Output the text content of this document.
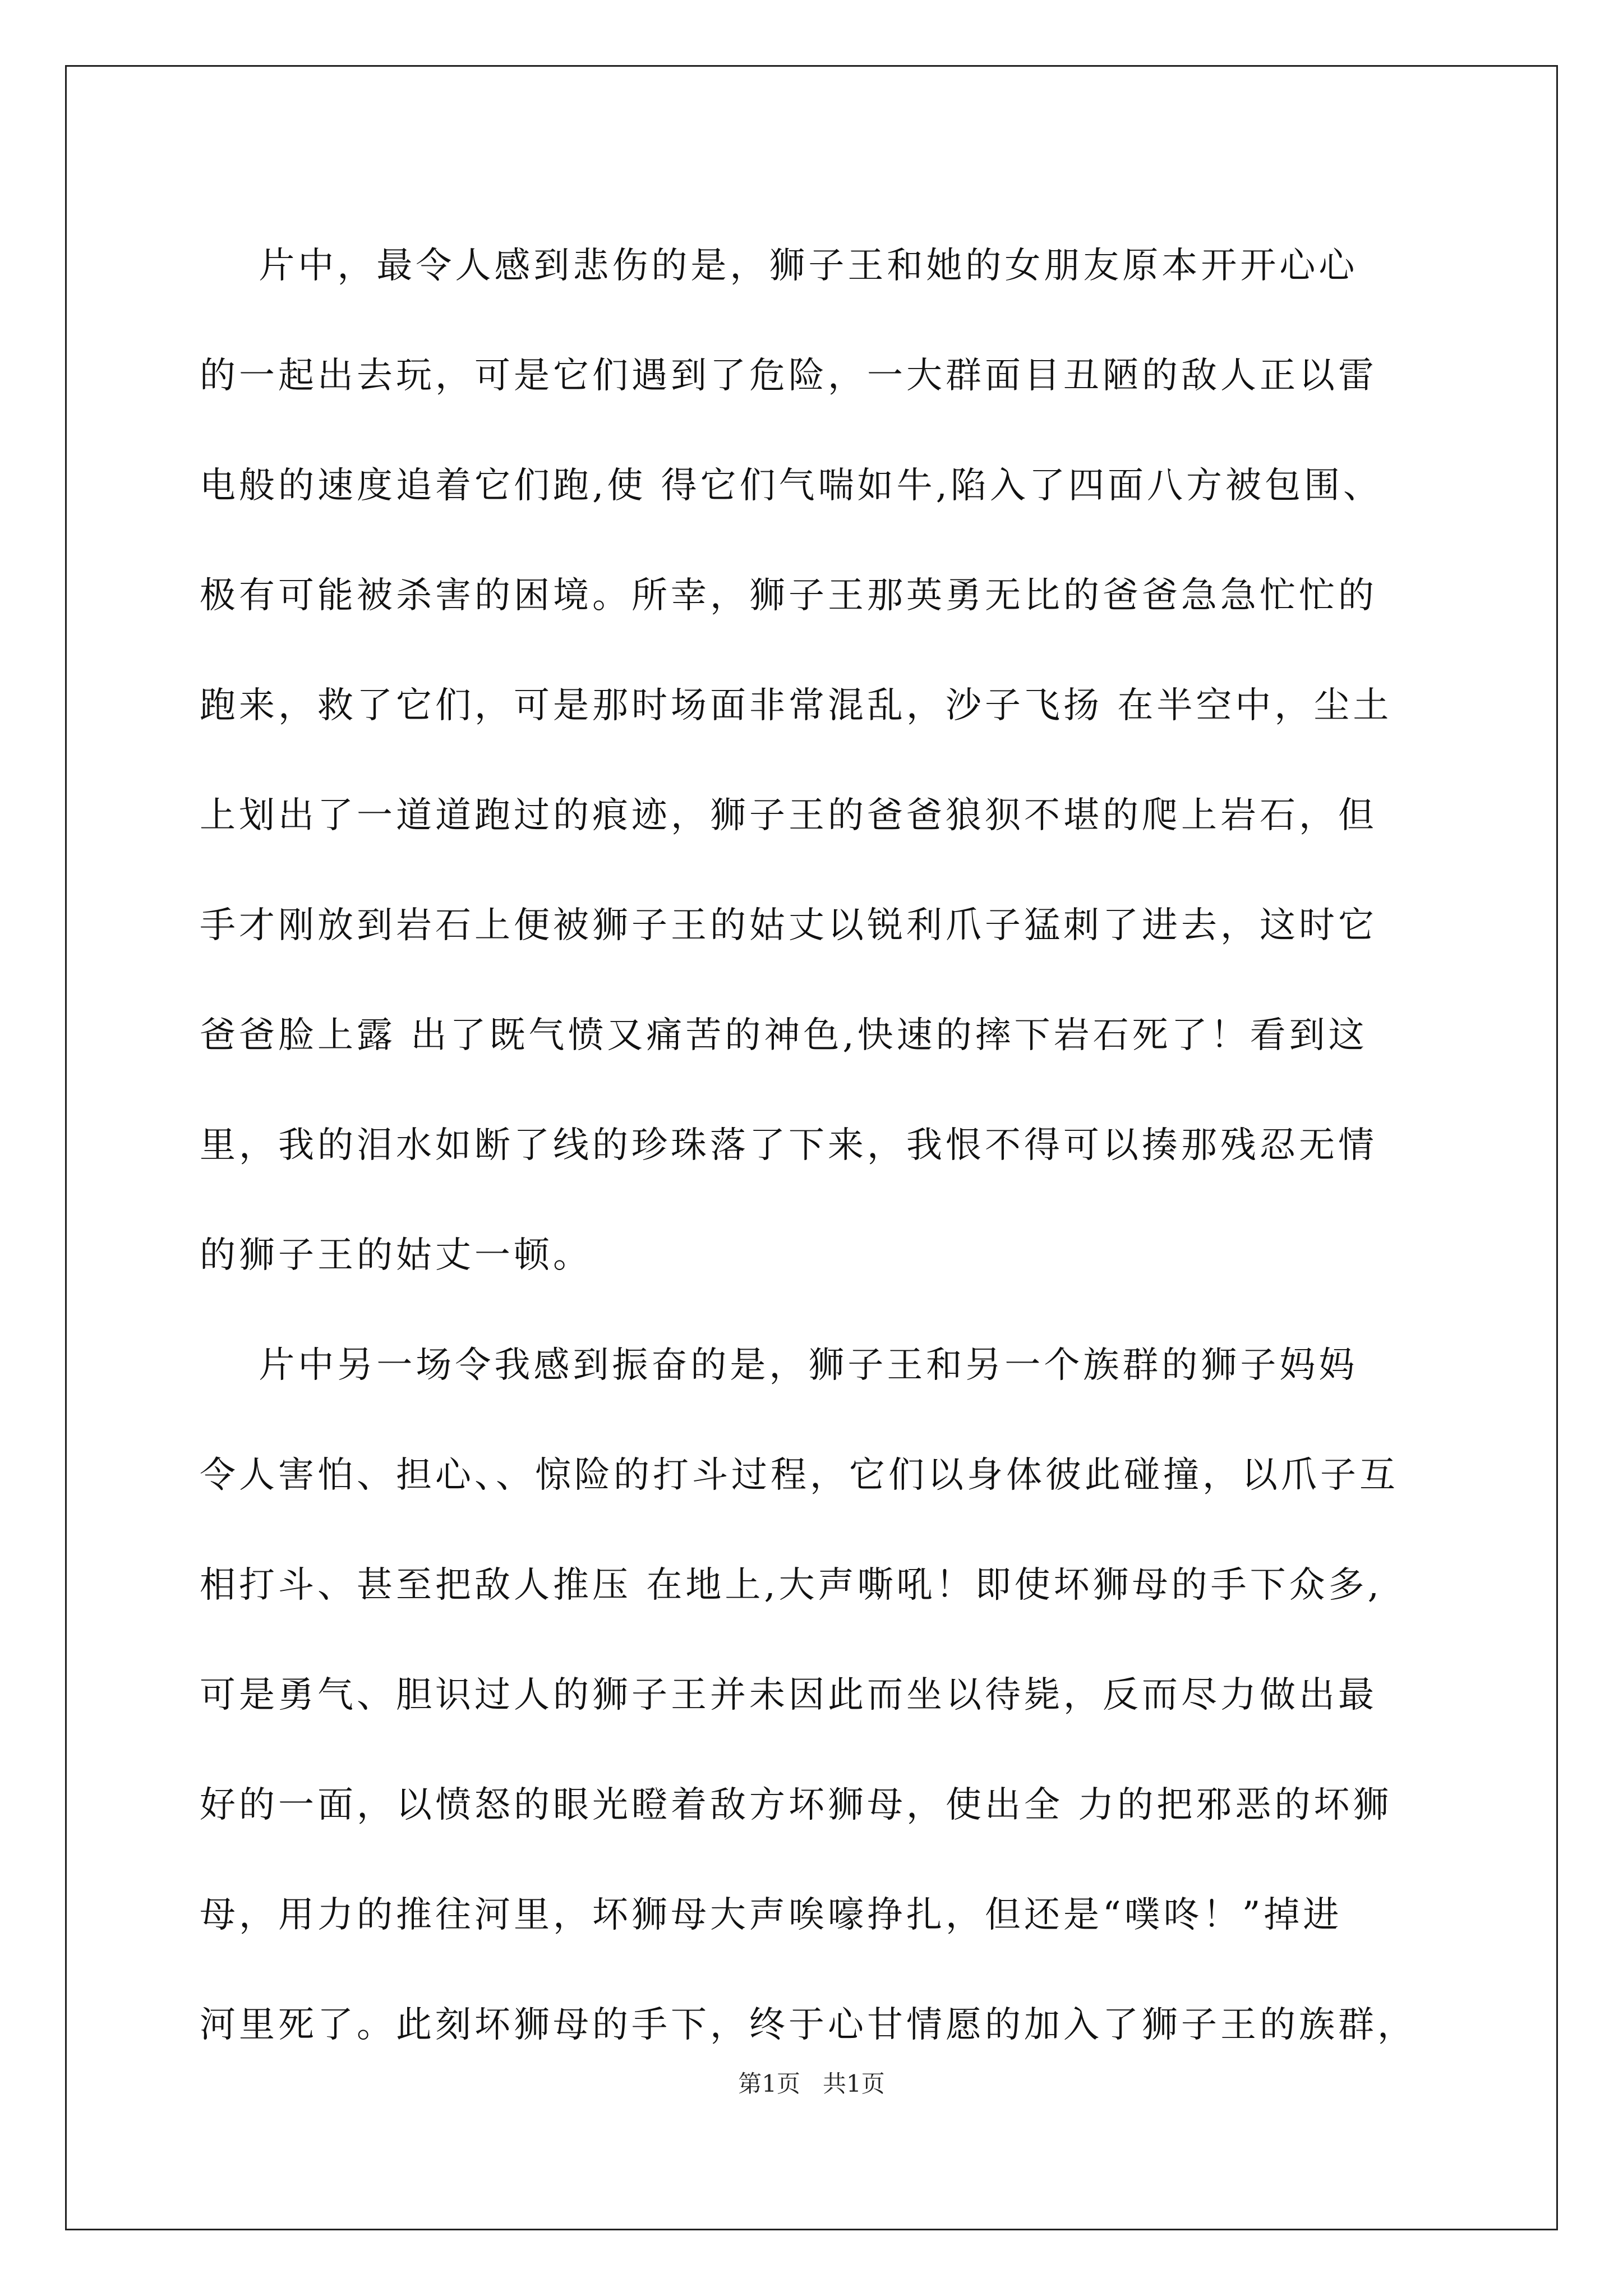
片中，最令人感到悲伤的是，狮子王和她的女朋友原本开开心心
的一起出去玩，可是它们遇到了危险，一大群面目丑陋的敌人正以雷
电般的速度追着它们跑,使 得它们气喘如牛,陷入了四面八方被包围、
极有可能被杀害的困境。所幸，狮子王那英勇无比的爸爸急急忙忙的
跑来，救了它们，可是那时场面非常混乱，沙子飞扬 在半空中，尘土
上划出了一道道跑过的痕迹，狮子王的爸爸狼狈不堪的爬上岩石，但
手才刚放到岩石上便被狮子王的姑丈以锐利爪子猛刺了进去，这时它
爸爸脸上露 出了既气愤又痛苦的神色,快速的摔下岩石死了！看到这
里，我的泪水如断了线的珍珠落了下来，我恨不得可以揍那残忍无情
的狮子王的姑丈一顿。
片中另一场令我感到振奋的是，狮子王和另一个族群的狮子妈妈
令人害怕、担心、、惊险的打斗过程，它们以身体彼此碰撞，以爪子互
相打斗、甚至把敌人推压 在地上,大声嘶吼！即使坏狮母的手下众多,
可是勇气、胆识过人的狮子王并未因此而坐以待毙，反而尽力做出最
好的一面，以愤怒的眼光瞪着敌方坏狮母，使出全 力的把邪恶的坏狮
母，用力的推往河里，坏狮母大声唉嚎挣扎，但还是“噗咚！”掉进
河里死了。此刻坏狮母的手下，终于心甘情愿的加入了狮子王的族群，
第1页   共1页
